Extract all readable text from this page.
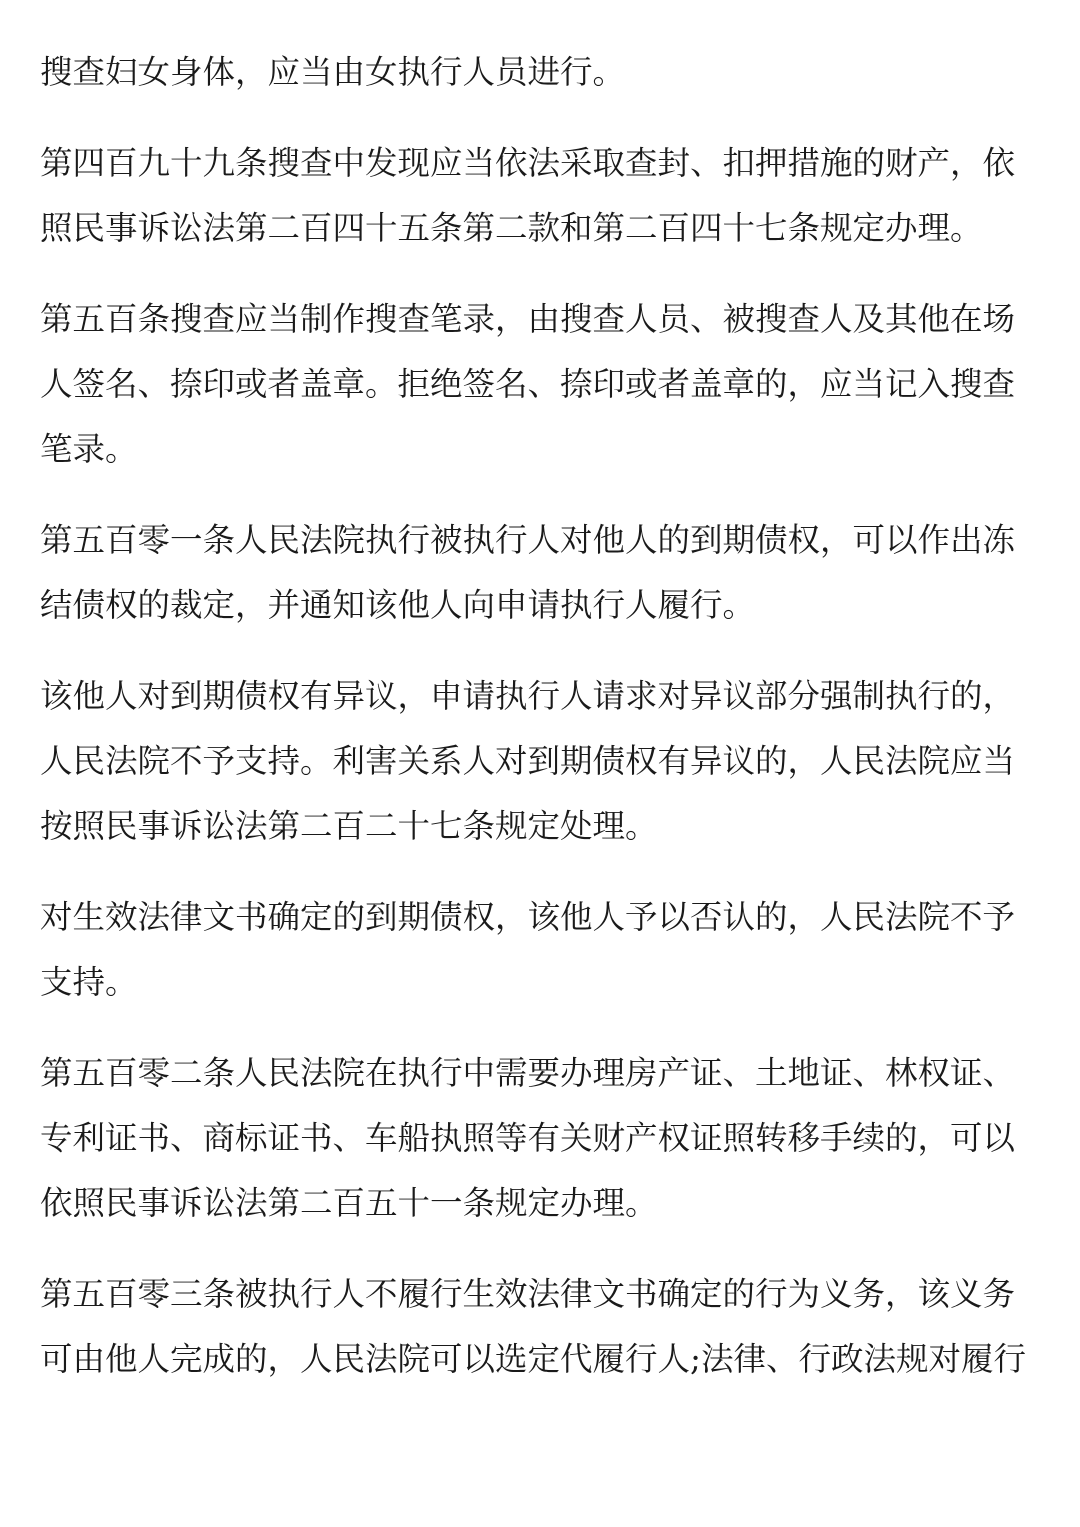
搜查妇女身体，应当由女执行人员进行。
第四百九十九条搜查中发现应当依法采取查封、扣押措施的财产，依
照民事诉讼法第二百四十五条第二款和第二百四十七条规定办理。
第五百条搜查应当制作搜查笔录，由搜查人员、被搜查人及其他在场
人签名、捺印或者盖章。拒绝签名、捺印或者盖章的，应当记入搜查
笔录。
第五百零一条人民法院执行被执行人对他人的到期债权，可以作出冻
结债权的裁定，并通知该他人向申请执行人履行。
该他人对到期债权有异议，申请执行人请求对异议部分强制执行的，
人民法院不予支持。利害关系人对到期债权有异议的，人民法院应当
按照民事诉讼法第二百二十七条规定处理。
对生效法律文书确定的到期债权，该他人予以否认的，人民法院不予
支持。
第五百零二条人民法院在执行中需要办理房产证、土地证、林权证、
专利证书、商标证书、车船执照等有关财产权证照转移手续的，可以
依照民事诉讼法第二百五十一条规定办理。
第五百零三条被执行人不履行生效法律文书确定的行为义务，该义务
可由他人完成的，人民法院可以选定代履行人;法律、行政法规对履行
